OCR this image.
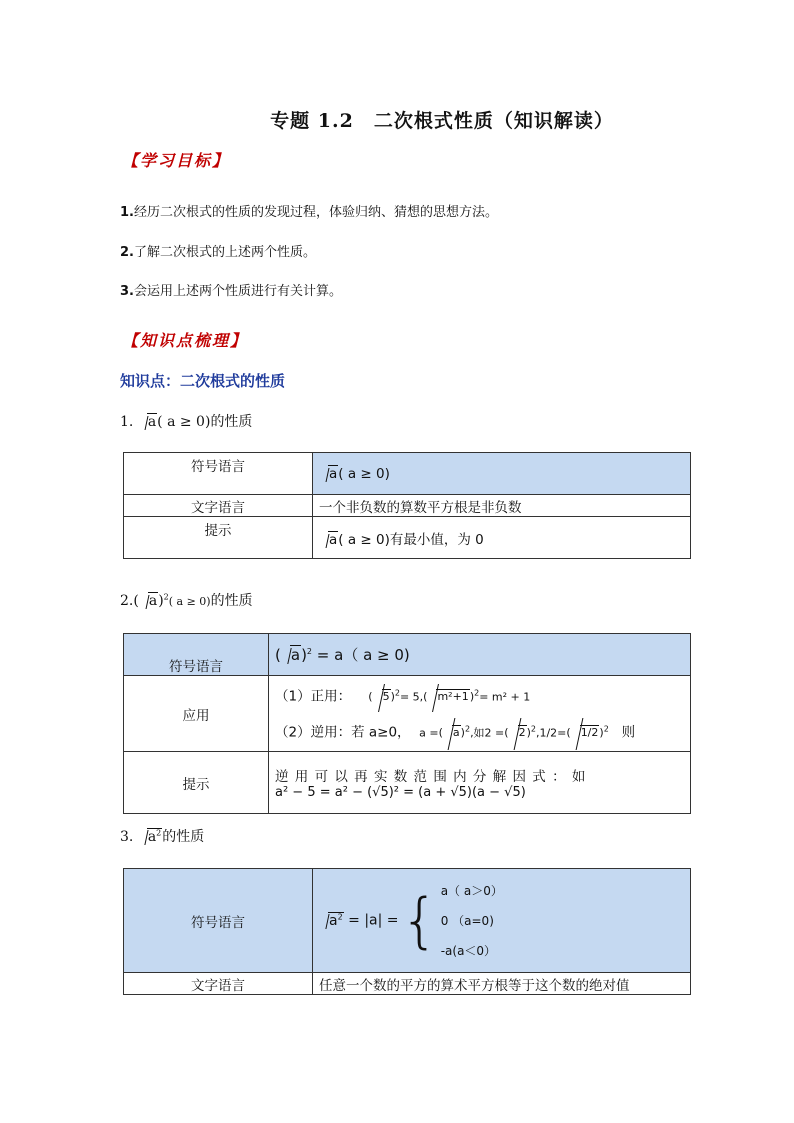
专题 1.2　二次根式性质（知识解读）
【学习目标】
1.经历二次根式的性质的发现过程，体验归纳、猜想的思想方法。
2.了解二次根式的上述两个性质。
3.会运用上述两个性质进行有关计算。
【知识点梳理】
知识点：二次根式的性质
1. a( a ≥ 0)的性质
符号语言	a( a ≥ 0)
文字语言	一个非负数的算数平方根是非负数
提示	a( a ≥ 0)有最小值，为 0
2.( a)$^2$( a ≥ 0)的性质
符号语言	( a)$^2$ = a（ a ≥ 0)
应用	（1）正用： ( 5)$^2$= 5,( m²+1)$^2$= m² + 1
（2）逆用：若 a≥0， a =( a)$^2$,如2 =( 2)$^2$,1/2=( 1/2)$^2$ 则

提示	逆 用 可 以 再 实 数 范 围 内 分 解 因 式 ： 如
a² − 5 = a² − (√5)² = (a + √5)(a − √5)
3. $a^2$的性质
符号语言	$a^2 = |a|$ = { a（ a＞0）
0 （a=0)
-a(a＜0）

文字语言	任意一个数的平方的算术平方根等于这个数的绝对值
